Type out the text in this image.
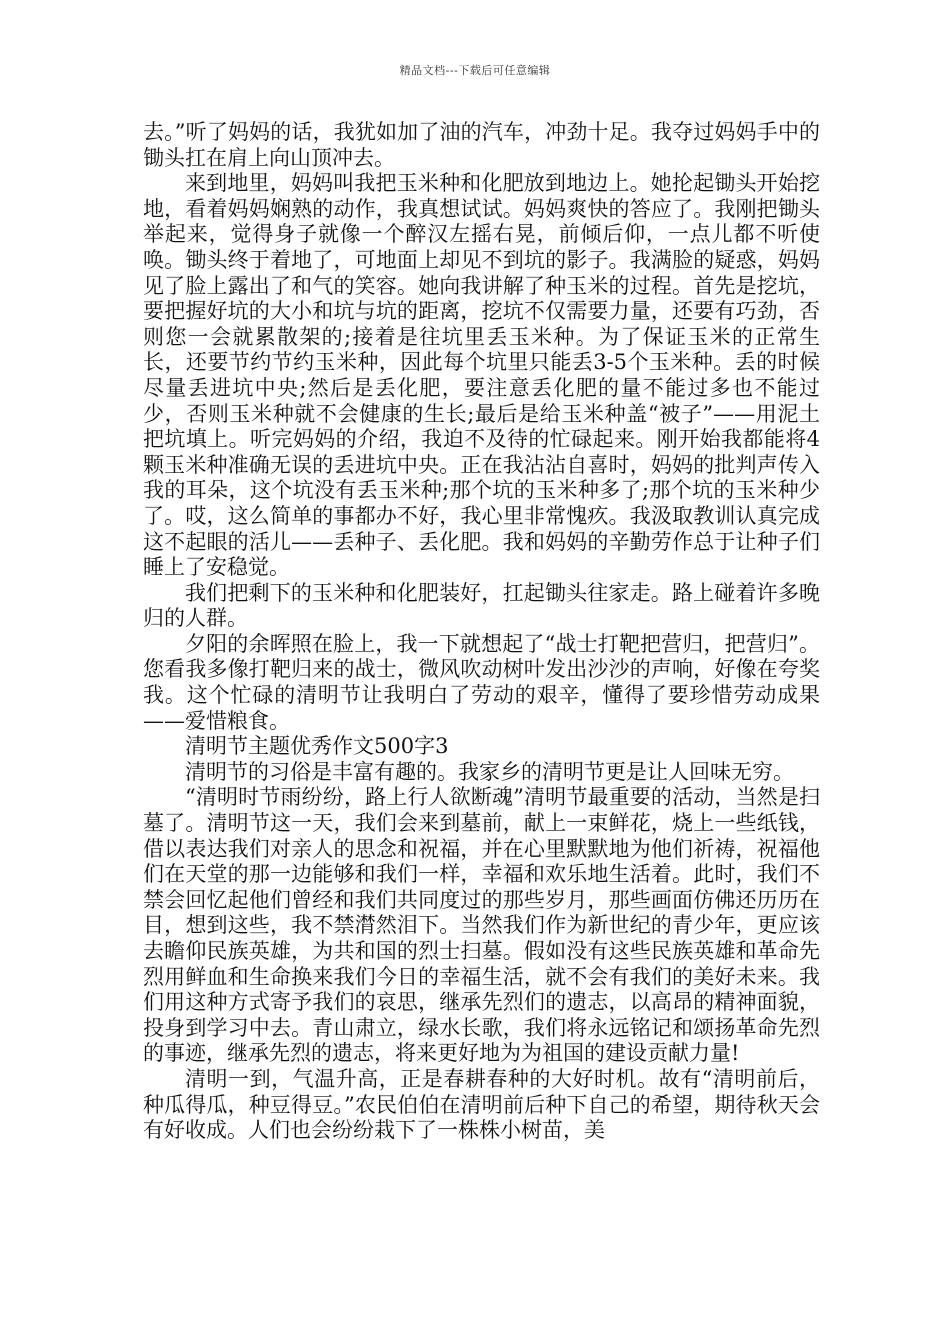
精品文档---下载后可任意编辑

去。”听了妈妈的话，我犹如加了油的汽车，冲劲十足。我夺过妈妈手中的锄头扛在肩上向山顶冲去。

来到地里，妈妈叫我把玉米种和化肥放到地边上。她抡起锄头开始挖地，看着妈妈娴熟的动作，我真想试试。妈妈爽快的答应了。我刚把锄头举起来，觉得身子就像一个醉汉左摇右晃，前倾后仰，一点儿都不听使唤。锄头终于着地了，可地面上却见不到坑的影子。我满脸的疑惑，妈妈见了脸上露出了和气的笑容。她向我讲解了种玉米的过程。首先是挖坑，要把握好坑的大小和坑与坑的距离，挖坑不仅需要力量，还要有巧劲，否则您一会就累散架的;接着是往坑里丢玉米种。为了保证玉米的正常生长，还要节约节约玉米种，因此每个坑里只能丢3-5个玉米种。丢的时候尽量丢进坑中央;然后是丢化肥，要注意丢化肥的量不能过多也不能过少，否则玉米种就不会健康的生长;最后是给玉米种盖“被子”——用泥土把坑填上。听完妈妈的介绍，我迫不及待的忙碌起来。刚开始我都能将4颗玉米种准确无误的丢进坑中央。正在我沾沾自喜时，妈妈的批判声传入我的耳朵，这个坑没有丢玉米种;那个坑的玉米种多了;那个坑的玉米种少了。哎，这么简单的事都办不好，我心里非常愧疚。我汲取教训认真完成这不起眼的活儿——丢种子、丢化肥。我和妈妈的辛勤劳作总于让种子们睡上了安稳觉。

我们把剩下的玉米种和化肥装好，扛起锄头往家走。路上碰着许多晚归的人群。

夕阳的余晖照在脸上，我一下就想起了“战士打靶把营归，把营归”。您看我多像打靶归来的战士，微风吹动树叶发出沙沙的声响，好像在夸奖我。这个忙碌的清明节让我明白了劳动的艰辛，懂得了要珍惜劳动成果——爱惜粮食。

清明节主题优秀作文500字3

清明节的习俗是丰富有趣的。我家乡的清明节更是让人回味无穷。

“清明时节雨纷纷，路上行人欲断魂”清明节最重要的活动，当然是扫墓了。清明节这一天，我们会来到墓前，献上一束鲜花，烧上一些纸钱，借以表达我们对亲人的思念和祝福，并在心里默默地为他们祈祷，祝福他们在天堂的那一边能够和我们一样，幸福和欢乐地生活着。此时，我们不禁会回忆起他们曾经和我们共同度过的那些岁月，那些画面仿佛还历历在目，想到这些，我不禁潸然泪下。当然我们作为新世纪的青少年，更应该去瞻仰民族英雄，为共和国的烈士扫墓。假如没有这些民族英雄和革命先烈用鲜血和生命换来我们今日的幸福生活，就不会有我们的美好未来。我们用这种方式寄予我们的哀思，继承先烈们的遗志，以高昂的精神面貌，投身到学习中去。青山肃立，绿水长歌，我们将永远铭记和颂扬革命先烈的事迹，继承先烈的遗志，将来更好地为为祖国的建设贡献力量!

清明一到，气温升高，正是春耕春种的大好时机。故有“清明前后，种瓜得瓜，种豆得豆。”农民伯伯在清明前后种下自己的希望，期待秋天会有好收成。人们也会纷纷栽下了一株株小树苗，美
